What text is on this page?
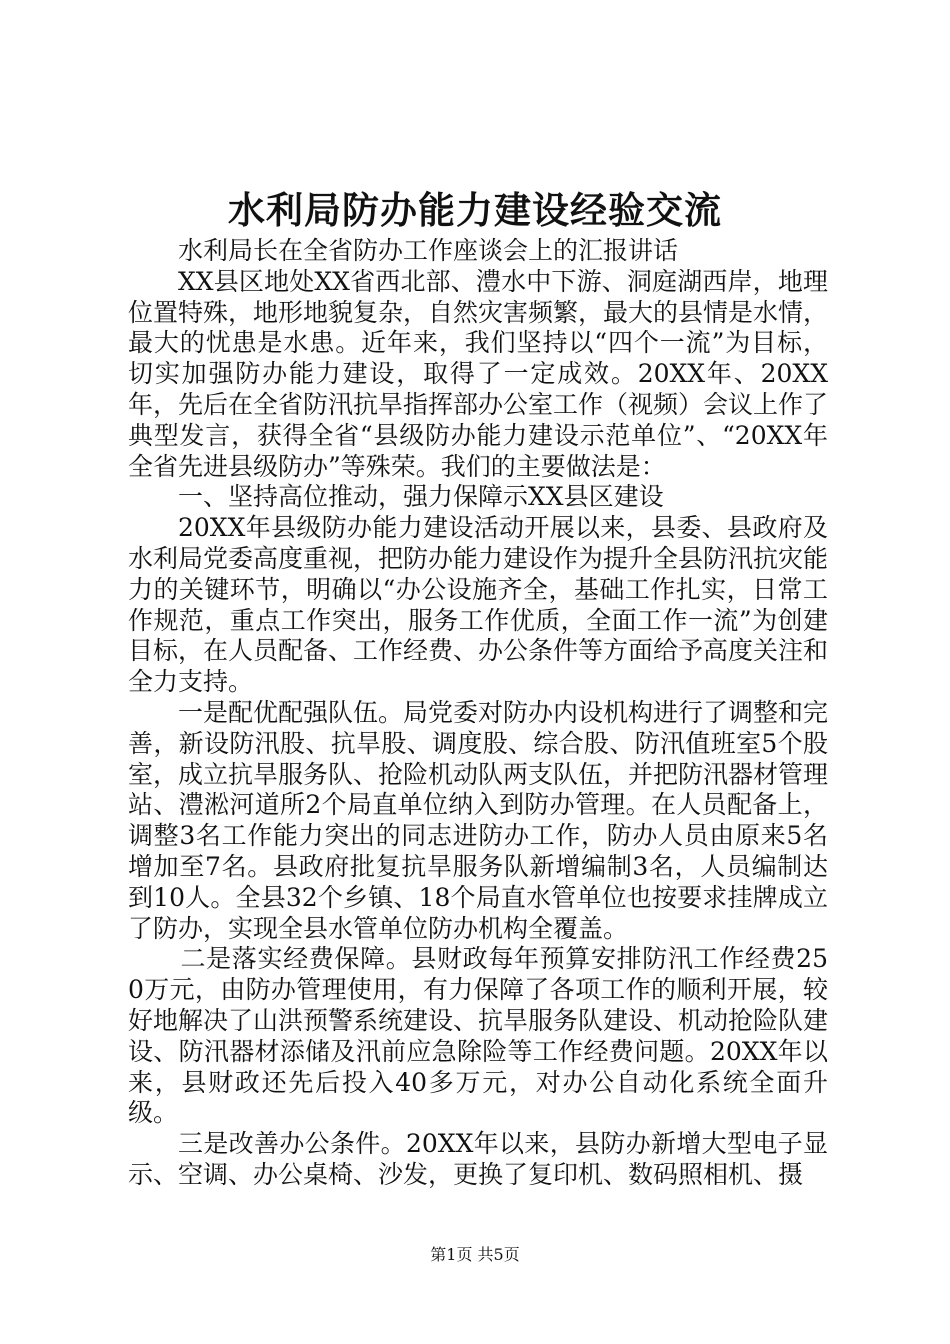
水利局防办能力建设经验交流

水利局长在全省防办工作座谈会上的汇报讲话

XX县区地处XX省西北部、澧水中下游、洞庭湖西岸，地理位置特殊，地形地貌复杂，自然灾害频繁，最大的县情是水情，最大的忧患是水患。近年来，我们坚持以“四个一流”为目标，切实加强防办能力建设，取得了一定成效。20XX年、20XX年，先后在全省防汛抗旱指挥部办公室工作（视频）会议上作了典型发言，获得全省“县级防办能力建设示范单位”、“20XX年全省先进县级防办”等殊荣。我们的主要做法是：

一、坚持高位推动，强力保障示XX县区建设

20XX年县级防办能力建设活动开展以来，县委、县政府及水利局党委高度重视，把防办能力建设作为提升全县防汛抗灾能力的关键环节，明确以“办公设施齐全，基础工作扎实，日常工作规范，重点工作突出，服务工作优质，全面工作一流”为创建目标，在人员配备、工作经费、办公条件等方面给予高度关注和全力支持。

一是配优配强队伍。局党委对防办内设机构进行了调整和完善，新设防汛股、抗旱股、调度股、综合股、防汛值班室5个股室，成立抗旱服务队、抢险机动队两支队伍，并把防汛器材管理站、澧淞河道所2个局直单位纳入到防办管理。在人员配备上，调整3名工作能力突出的同志进防办工作，防办人员由原来5名增加至7名。县政府批复抗旱服务队新增编制3名，人员编制达到10人。全县32个乡镇、18个局直水管单位也按要求挂牌成立了防办，实现全县水管单位防办机构全覆盖。

二是落实经费保障。县财政每年预算安排防汛工作经费250万元，由防办管理使用，有力保障了各项工作的顺利开展，较好地解决了山洪预警系统建设、抗旱服务队建设、机动抢险队建设、防汛器材添储及汛前应急除险等工作经费问题。20XX年以来，县财政还先后投入40多万元，对办公自动化系统全面升级。

三是改善办公条件。20XX年以来，县防办新增大型电子显示、空调、办公桌椅、沙发，更换了复印机、数码照相机、摄

第1页 共5页
